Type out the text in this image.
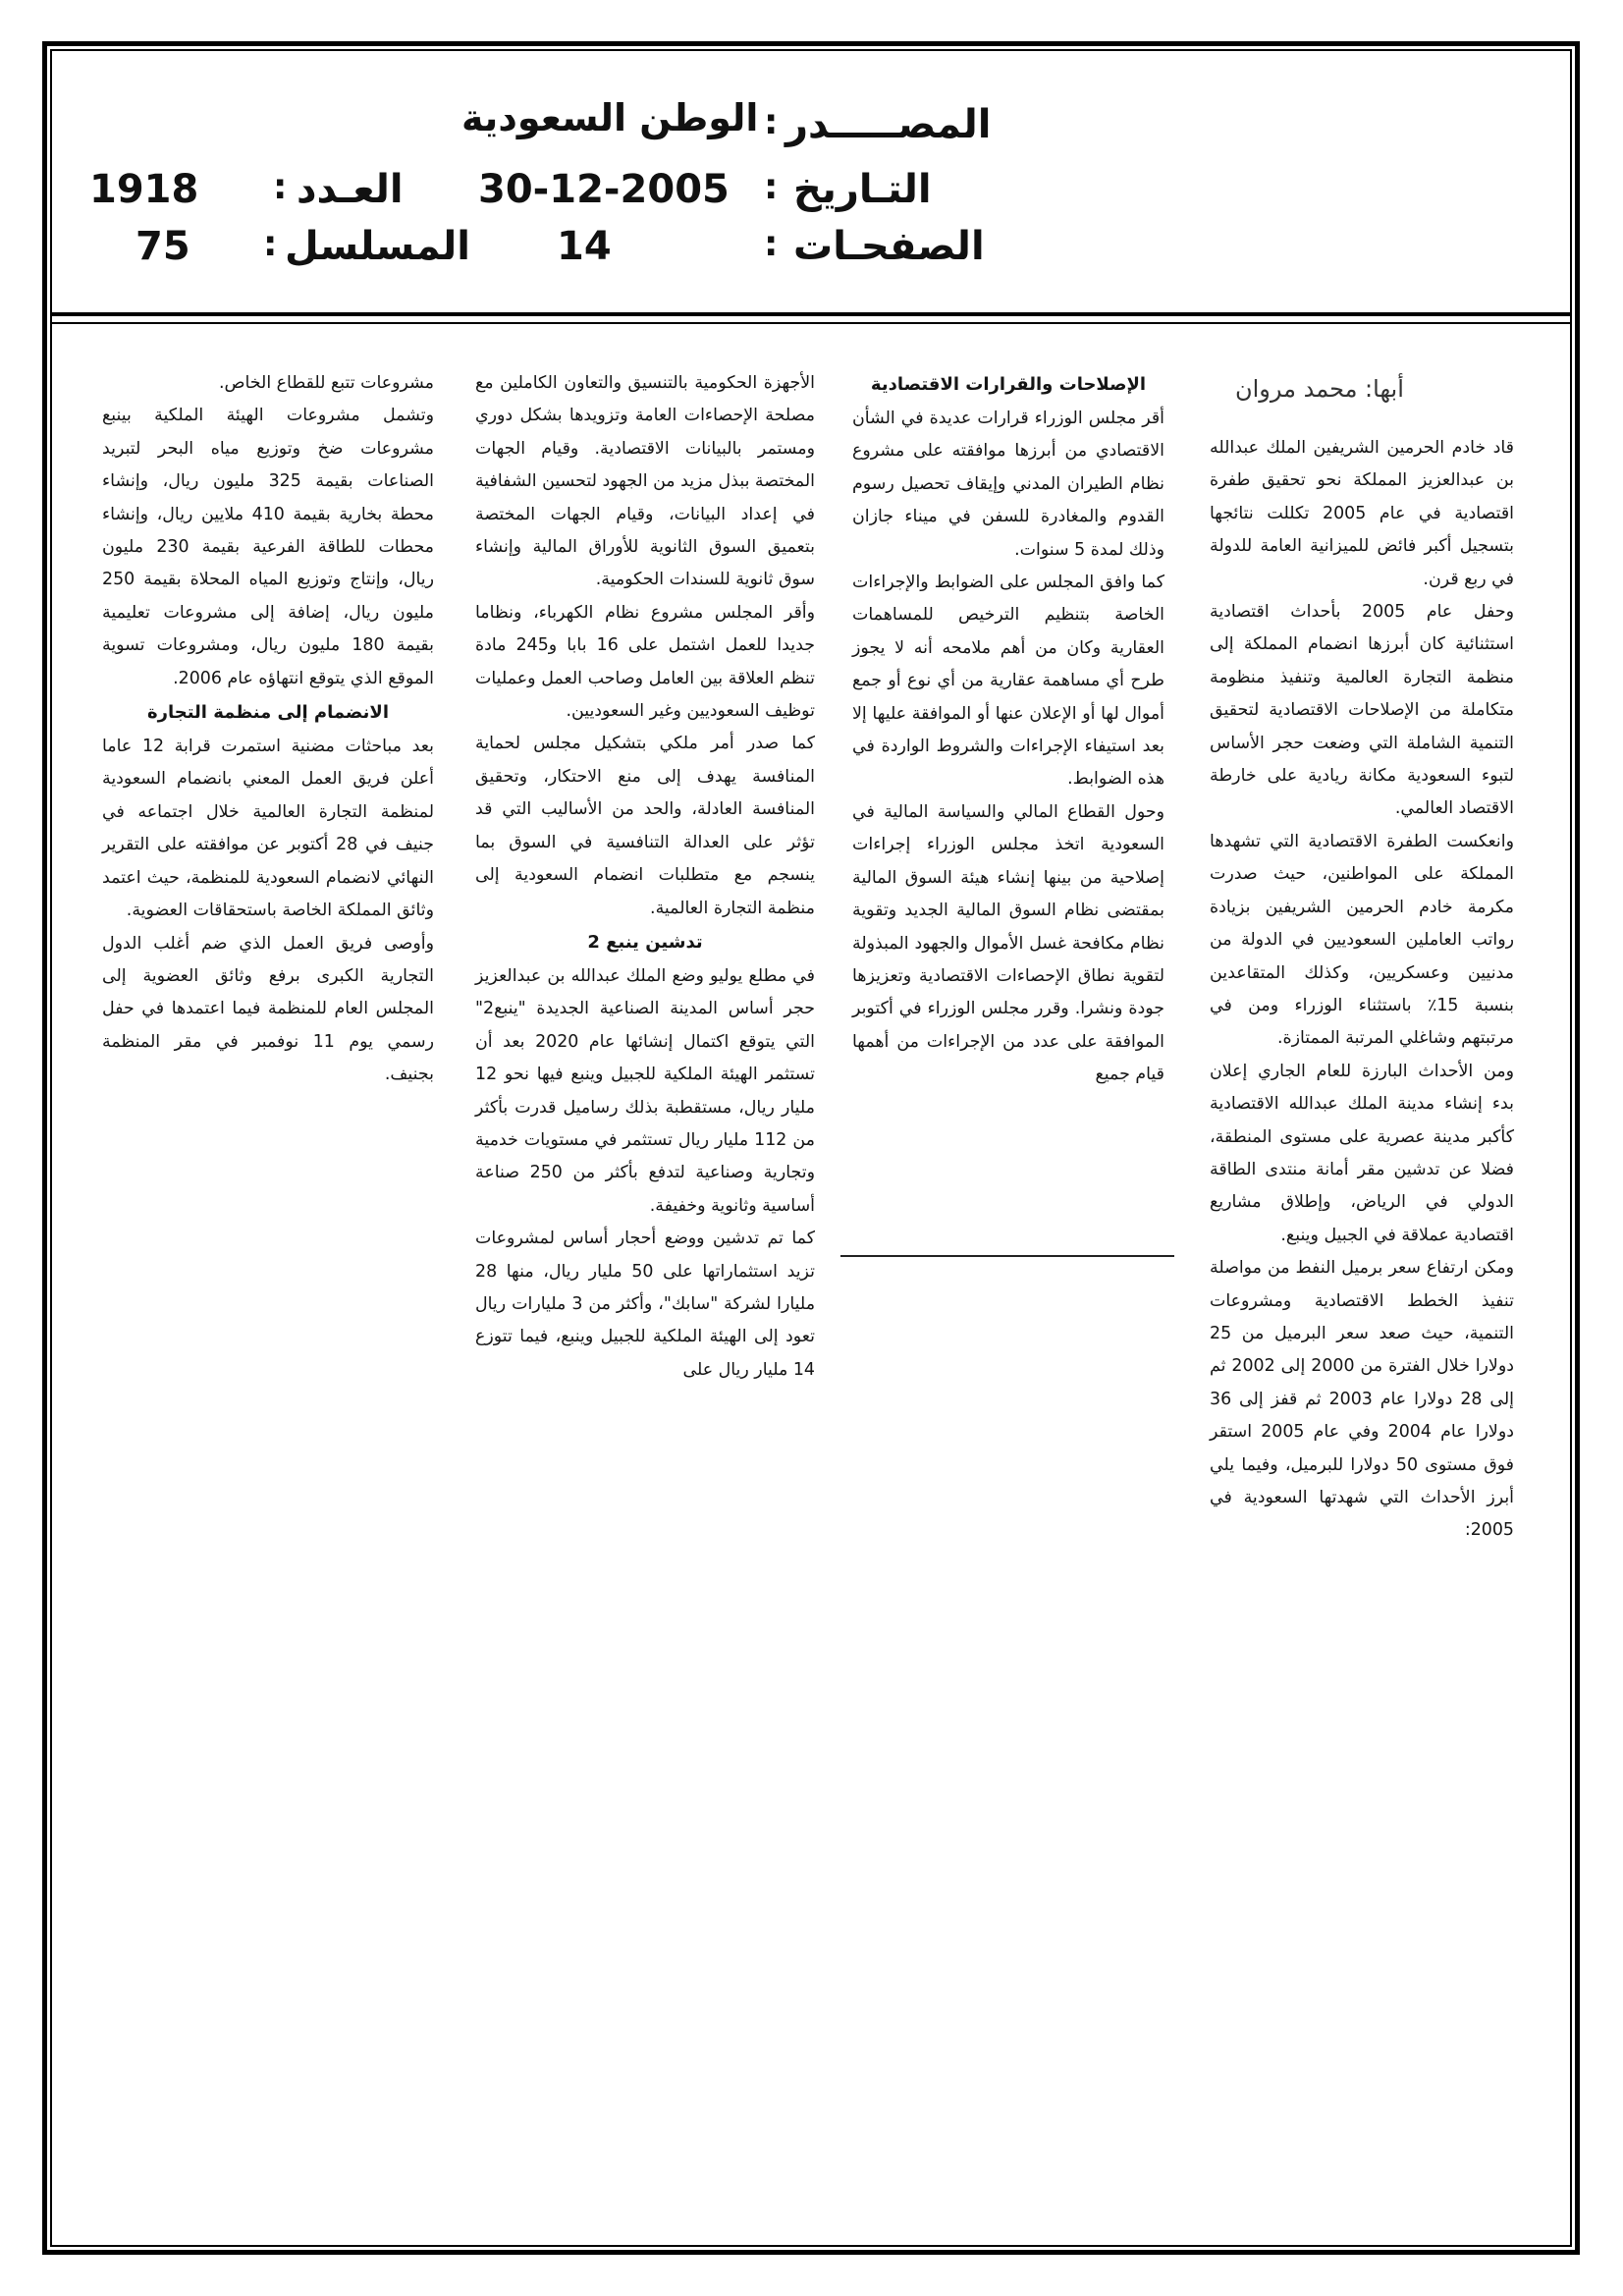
المصـــــدر
:
الوطن السعودية
التـاريخ
:
30-12-2005
العـدد
:
1918
الصفحـات
:
14
المسلسل
:
75
أبها: محمد مروان

قاد خادم الحرمين الشريفين الملك عبدالله بن عبدالعزيز المملكة نحو تحقيق طفرة اقتصادية في عام 2005 تكللت نتائجها بتسجيل أكبر فائض للميزانية العامة للدولة في ربع قرن.

وحفل عام 2005 بأحداث اقتصادية استثنائية كان أبرزها انضمام المملكة إلى منظمة التجارة العالمية وتنفيذ منظومة متكاملة من الإصلاحات الاقتصادية لتحقيق التنمية الشاملة التي وضعت حجر الأساس لتبوء السعودية مكانة ريادية على خارطة الاقتصاد العالمي.

وانعكست الطفرة الاقتصادية التي تشهدها المملكة على المواطنين، حيث صدرت مكرمة خادم الحرمين الشريفين بزيادة رواتب العاملين السعوديين في الدولة من مدنيين وعسكريين، وكذلك المتقاعدين بنسبة 15٪ باستثناء الوزراء ومن في مرتبتهم وشاغلي المرتبة الممتازة.

ومن الأحداث البارزة للعام الجاري إعلان بدء إنشاء مدينة الملك عبدالله الاقتصادية كأكبر مدينة عصرية على مستوى المنطقة، فضلا عن تدشين مقر أمانة منتدى الطاقة الدولي في الرياض، وإطلاق مشاريع اقتصادية عملاقة في الجبيل وينبع.

ومكن ارتفاع سعر برميل النفط من مواصلة تنفيذ الخطط الاقتصادية ومشروعات التنمية، حيث صعد سعر البرميل من 25 دولارا خلال الفترة من 2000 إلى 2002 ثم إلى 28 دولارا عام 2003 ثم قفز إلى 36 دولارا عام 2004 وفي عام 2005 استقر فوق مستوى 50 دولارا للبرميل، وفيما يلي أبرز الأحداث التي شهدتها السعودية في 2005:

الإصلاحات والقرارات الاقتصادية

أقر مجلس الوزراء قرارات عديدة في الشأن الاقتصادي من أبرزها موافقته على مشروع نظام الطيران المدني وإيقاف تحصيل رسوم القدوم والمغادرة للسفن في ميناء جازان وذلك لمدة 5 سنوات.

كما وافق المجلس على الضوابط والإجراءات الخاصة بتنظيم الترخيص للمساهمات العقارية وكان من أهم ملامحه أنه لا يجوز طرح أي مساهمة عقارية من أي نوع أو جمع أموال لها أو الإعلان عنها أو الموافقة عليها إلا بعد استيفاء الإجراءات والشروط الواردة في هذه الضوابط.

وحول القطاع المالي والسياسة المالية في السعودية اتخذ مجلس الوزراء إجراءات إصلاحية من بينها إنشاء هيئة السوق المالية بمقتضى نظام السوق المالية الجديد وتقوية نظام مكافحة غسل الأموال والجهود المبذولة لتقوية نطاق الإحصاءات الاقتصادية وتعزيزها جودة ونشرا. وقرر مجلس الوزراء في أكتوبر الموافقة على عدد من الإجراءات من أهمها قيام جميع

الأجهزة الحكومية بالتنسيق والتعاون الكاملين مع مصلحة الإحصاءات العامة وتزويدها بشكل دوري ومستمر بالبيانات الاقتصادية. وقيام الجهات المختصة ببذل مزيد من الجهود لتحسين الشفافية في إعداد البيانات، وقيام الجهات المختصة بتعميق السوق الثانوية للأوراق المالية وإنشاء سوق ثانوية للسندات الحكومية.

وأقر المجلس مشروع نظام الكهرباء، ونظاما جديدا للعمل اشتمل على 16 بابا و245 مادة تنظم العلاقة بين العامل وصاحب العمل وعمليات توظيف السعوديين وغير السعوديين.

كما صدر أمر ملكي بتشكيل مجلس لحماية المنافسة يهدف إلى منع الاحتكار، وتحقيق المنافسة العادلة، والحد من الأساليب التي قد تؤثر على العدالة التنافسية في السوق بما ينسجم مع متطلبات انضمام السعودية إلى منظمة التجارة العالمية.

تدشين ينبع 2

في مطلع يوليو وضع الملك عبدالله بن عبدالعزيز حجر أساس المدينة الصناعية الجديدة "ينبع2" التي يتوقع اكتمال إنشائها عام 2020 بعد أن تستثمر الهيئة الملكية للجبيل وينبع فيها نحو 12 مليار ريال، مستقطبة بذلك رساميل قدرت بأكثر من 112 مليار ريال تستثمر في مستويات خدمية وتجارية وصناعية لتدفع بأكثر من 250 صناعة أساسية وثانوية وخفيفة.

كما تم تدشين ووضع أحجار أساس لمشروعات تزيد استثماراتها على 50 مليار ريال، منها 28 مليارا لشركة "سابك"، وأكثر من 3 مليارات ريال تعود إلى الهيئة الملكية للجبيل وينبع، فيما تتوزع 14 مليار ريال على

مشروعات تتبع للقطاع الخاص.

وتشمل مشروعات الهيئة الملكية بينبع مشروعات ضخ وتوزيع مياه البحر لتبريد الصناعات بقيمة 325 مليون ريال، وإنشاء محطة بخارية بقيمة 410 ملايين ريال، وإنشاء محطات للطاقة الفرعية بقيمة 230 مليون ريال، وإنتاج وتوزيع المياه المحلاة بقيمة 250 مليون ريال، إضافة إلى مشروعات تعليمية بقيمة 180 مليون ريال، ومشروعات تسوية الموقع الذي يتوقع انتهاؤه عام 2006.

الانضمام إلى منظمة التجارة

بعد مباحثات مضنية استمرت قرابة 12 عاما أعلن فريق العمل المعني بانضمام السعودية لمنظمة التجارة العالمية خلال اجتماعه في جنيف في 28 أكتوبر عن موافقته على التقرير النهائي لانضمام السعودية للمنظمة، حيث اعتمد وثائق المملكة الخاصة باستحقاقات العضوية.

وأوصى فريق العمل الذي ضم أغلب الدول التجارية الكبرى برفع وثائق العضوية إلى المجلس العام للمنظمة فيما اعتمدها في حفل رسمي يوم 11 نوفمبر في مقر المنظمة بجنيف.
